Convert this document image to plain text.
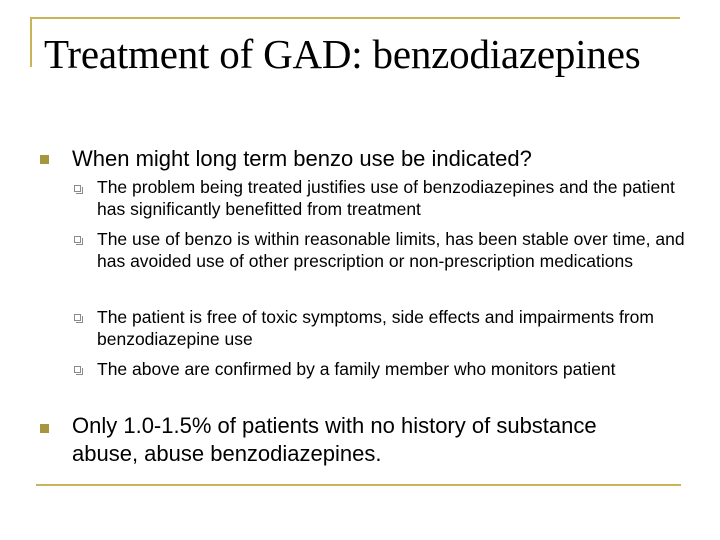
Treatment of GAD: benzodiazepines
When might long term benzo use be indicated?
The problem being treated justifies use of benzodiazepines and the patient has significantly benefitted from treatment
The use of benzo is within reasonable limits, has been stable over time, and has avoided use of other prescription or non-prescription medications
The patient is free of toxic symptoms, side effects and impairments from benzodiazepine use
The above are confirmed by a family member who monitors patient
Only 1.0-1.5% of patients with no history of substance abuse, abuse benzodiazepines.
